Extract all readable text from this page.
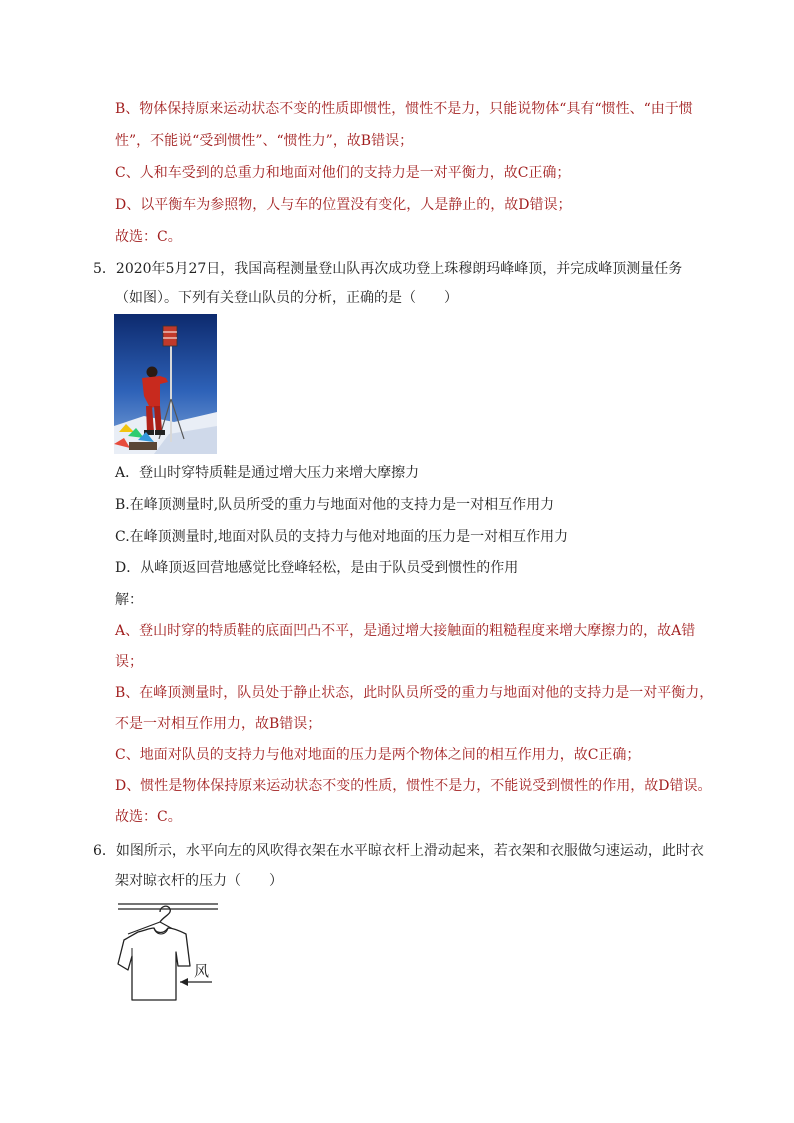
B、物体保持原来运动状态不变的性质即惯性，惯性不是力，只能说物体“具有“惯性、“由于惯
性”，不能说“受到惯性”、“惯性力”，故B错误；
C、人和车受到的总重力和地面对他们的支持力是一对平衡力，故C正确；
D、以平衡车为参照物，人与车的位置没有变化，人是静止的，故D错误；
故选：C。
5．2020年5月27日，我国高程测量登山队再次成功登上珠穆朗玛峰峰顶，并完成峰顶测量任务
（如图）。下列有关登山队员的分析，正确的是（　　）
A．登山时穿特质鞋是通过增大压力来增大摩擦力
B.在峰顶测量时,队员所受的重力与地面对他的支持力是一对相互作用力
C.在峰顶测量时,地面对队员的支持力与他对地面的压力是一对相互作用力
D．从峰顶返回营地感觉比登峰轻松，是由于队员受到惯性的作用
解：
A、登山时穿的特质鞋的底面凹凸不平，是通过增大接触面的粗糙程度来增大摩擦力的，故A错
误；
B、在峰顶测量时，队员处于静止状态，此时队员所受的重力与地面对他的支持力是一对平衡力，
不是一对相互作用力，故B错误；
C、地面对队员的支持力与他对地面的压力是两个物体之间的相互作用力，故C正确；
D、惯性是物体保持原来运动状态不变的性质，惯性不是力，不能说受到惯性的作用，故D错误。
故选：C。
6．如图所示，水平向左的风吹得衣架在水平晾衣杆上滑动起来，若衣架和衣服做匀速运动，此时衣
架对晾衣杆的压力（　　）
风
